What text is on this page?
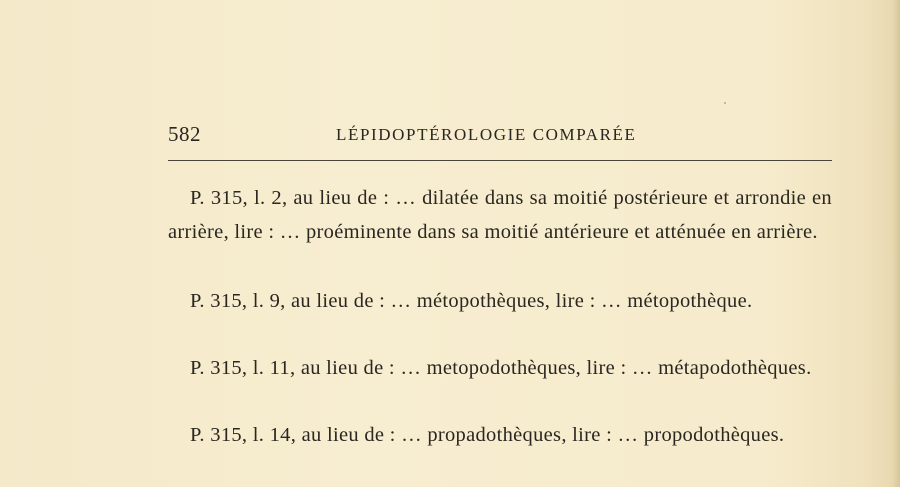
582	LÉPIDOPTÉROLOGIE COMPARÉE
P. 315, l. 2, au lieu de : … dilatée dans sa moitié postérieure et arrondie en arrière, lire : … proéminente dans sa moitié antérieure et atténuée en arrière.
P. 315, l. 9, au lieu de : … métopothèques, lire : … métopothèque.
P. 315, l. 11, au lieu de : … metopodothèques, lire : … métapodothèques.
P. 315, l. 14, au lieu de : … propadothèques, lire : … propodothèques.
